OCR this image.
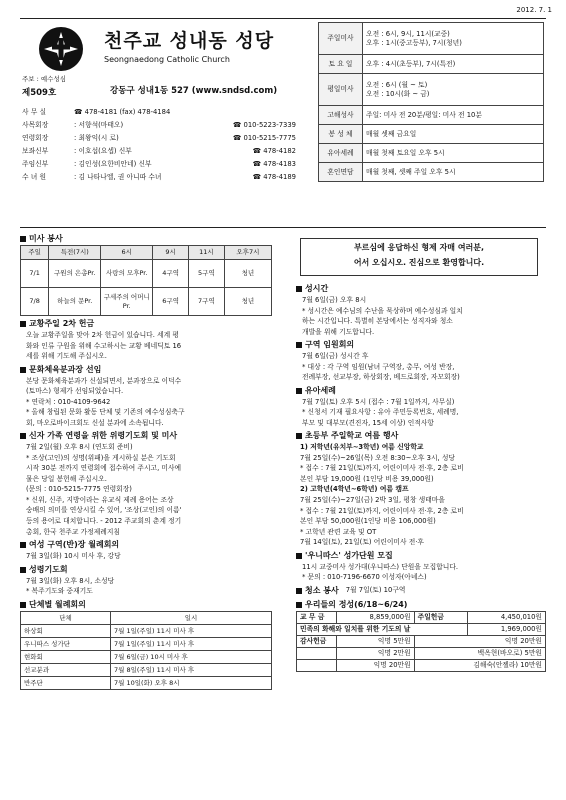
2012. 7. 1
천주교 성내동 성당
Seongnaedong Catholic Church
주보 : 예수성심
제509호	강동구 성내1동 527 (www.sndsd.com)
사 무 실	☎ 478-4181 (fax) 478-4184
사목회장	: 서향석(마태오)	☎ 010-5223-7339
연령회장	: 최왕익(시 로)	☎ 010-5215-7775
보좌신부	: 이호섭(요셉) 신부	☎ 478-4182
주임신부	: 김인성(요한비안네) 신부	☎ 478-4183
수 녀 원	: 김 나타나엘, 권 아니따 수녀	☎ 478-4189
주일미사	오전 : 6시, 9시, 11시(교중)
오후 : 1시(중고등부), 7시(청년)

토 요 일	오후 : 4시(초등부), 7시(특전)
평일미사	오전 : 6시 (월 ~ 토)
오전 : 10시(화 ~ 금)

고해성사	주일: 미사 전 20분/평일: 미사 전 10분
봉 성 체	매월 셋째 금요일
유아세례	매월 첫째 토요일 오후 5시
혼인면담	매월 첫째, 셋째 주일 오후 5시
미사 봉사
주일	특전(7시)	6시	9시	11시	오후7시
7/1	구원의 은총Pr.	사랑의 모후Pr.	4구역	5구역	청년
7/8	하늘의 문Pr.	구세주의 어머니Pr.	6구역	7구역	청년
교황주일 2차 헌금
오늘 교황주일을 맞아 2차 헌금이 있습니다. 세계 평
화와 인류 구원을 위해 수고하시는 교황 베네딕토 16
세를 위해 기도해 주십시오.
문화체육분과장 선임
본당 문화체육분과가 신설되면서, 분과장으로 이덕수
(토마스) 형제가 선임되었습니다.
* 연락처 : 010-4109-9642
* 올해 창립된 문화 활동 단체 및 기존의 예수성심축구
회, 마오로바이크회도 신설 분과에 소속됩니다.
신자 가족 연령을 위한 위령기도회 및 미사
7월 2일(월) 오후 8시 (연도회 준비)
* 조상(고인)의 성명(위패)을 게시하실 분은 기도회
시작 30분 전까지 연령회에 접수하여 주시고, 미사예
물은 당일 봉헌해 주십시오.
(문의 : 010-5215-7775 연령회장)
* 신위, 신주, 지방이라는 유교식 제례 용어는 조상
숭배의 의미를 연상시킬 수 있어, '조상(고인)의 이름'
등의 용어로 대치합니다. - 2012 주교회의 춘계 정기
총회, 한국 천주교 가정제례지침
여성 구역(반)장 월례회의
7월 3일(화) 10시 미사 후, 강당
성령기도회
7월 3일(화) 오후 8시, 소성당
* 복주기도와 중재기도
단체별 월례회의
단체	일시
하상회	7월 1일(주일) 11시 미사 후
우니따스 성가단	7월 1일(주일) 11시 미사 후
현화회	7월 6일(금) 10시 미사 후
선교분과	7월 8일(주일) 11시 미사 후
반주단	7월 10일(화) 오후 8시
부르심에 응답하신 형제 자매 여러분,
어서 오십시오. 진심으로 환영합니다.
성시간
7월 6일(금) 오후 8시
* 성시간은 예수님의 수난을 묵상하며 예수성심과 일치
하는 시간입니다. 특별히 본당에서는 성직자와 청소
개발을 위해 기도합니다.
구역 임원회의
7월 6일(금) 성시간 후
* 대상 : 각 구역 임원(남녀 구역장, 총무, 여성 반장,
전례부장, 선교부장, 하상회장, 베드로회장, 자모회장)
유아세례
7월 7일(토) 오후 5시 (접수 : 7월 1일까지, 사무실)
* 신청서 기재 필요사항 : 유아 주민등록번호, 세례명,
부모 및 대부모(견진자, 15세 이상) 인적사항
초등부 주일학교 여름 행사
1) 저학년(유치부~3학년) 여름 신앙학교
7월 25일(수)~26일(목) 오전 8:30~오후 3시, 성당
* 접수 : 7월 21일(토)까지, 어린이미사 전·후, 2층 로비
본인 부담 19,000원 (1인당 비용 39,000원)
2) 고학년(4학년~6학년) 여름 캠프
7월 25일(수)~27일(금) 2박 3일, 평창 생태마을
* 접수 : 7월 21일(토)까지, 어린이미사 전·후, 2층 로비
본인 부담 50,000원(1인당 비용 106,000원)
* 고학년 관련 교육 및 OT
7월 14일(토), 21일(토) 어린이미사 전·후
'우니따스' 성가단원 모집
11시 교중미사 성가대(우니따스) 단원을 모집합니다.
* 문의 : 010-7196-6670 이성자(아녜스)
청소 봉사 7월 7일(토) 10구역
우리들의 정성(6/18~6/24)
교 무 금	8,859,000원	주일헌금	4,450,010원
민족의 화해와 일치를 위한 기도의 날			1,969,000원
감사헌금	익명 5만원	익명 20만원	
	익명 2만원	백옥현(바오로) 5만원	
	익명 20만원	김해숙(안젤라) 10만원	
